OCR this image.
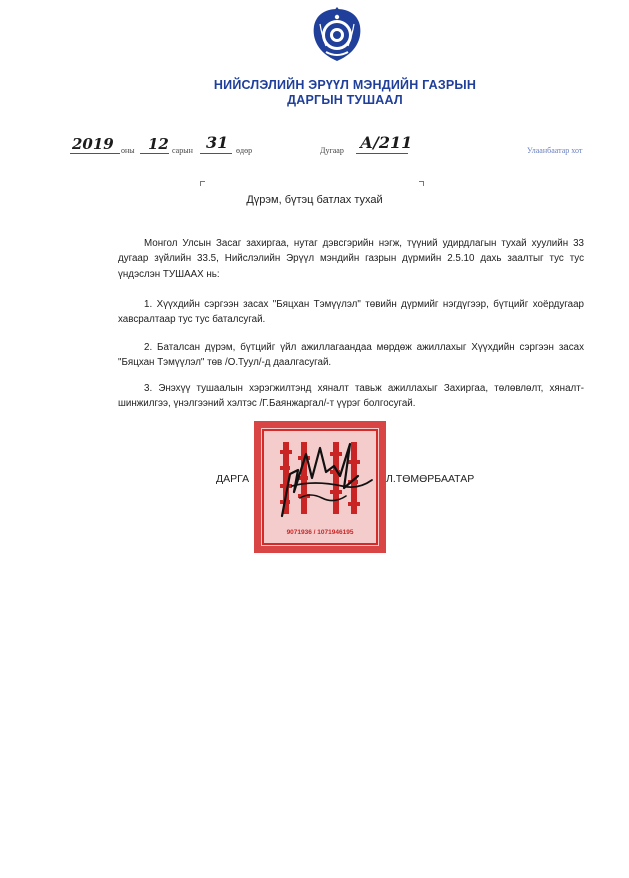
НИЙСЛЭЛИЙН ЭРҮҮЛ МЭНДИЙН ГАЗРЫН
ДАРГЫН ТУШААЛ
2019 оны 12 сарын 31 өдөр	Дугаар А/211	Улаанбаатар хот
Дүрэм, бүтэц батлах тухай
Монгол Улсын Засаг захиргаа, нутаг дэвсгэрийн нэгж, түүний удирдлагын тухай хуулийн 33 дугаар зүйлийн 33.5, Нийслэлийн Эрүүл мэндийн газрын дүрмийн 2.5.10 дахь заалтыг тус тус үндэслэн ТУШААХ нь:
1. Хүүхдийн сэргээн засах "Бяцхан Тэмүүлэл" төвийн дүрмийг нэгдүгээр, бүтцийг хоёрдугаар хавсралтаар тус тус баталсугай.
2. Баталсан дүрэм, бүтцийг үйл ажиллагаандаа мөрдөж ажиллахыг Хүүхдийн сэргээн засах "Бяцхан Тэмүүлэл" төв /О.Туул/-д даалгасугай.
3. Энэхүү тушаалын хэрэгжилтэнд хяналт тавьж ажиллахыг Захиргаа, төлөвлөлт, хяналт-шинжилгээ, үнэлгээний хэлтэс /Г.Баянжаргал/-т үүрэг болгосугай.
9071936 / 1071946195
ДАРГА	Л.ТӨМӨРБААТАР
